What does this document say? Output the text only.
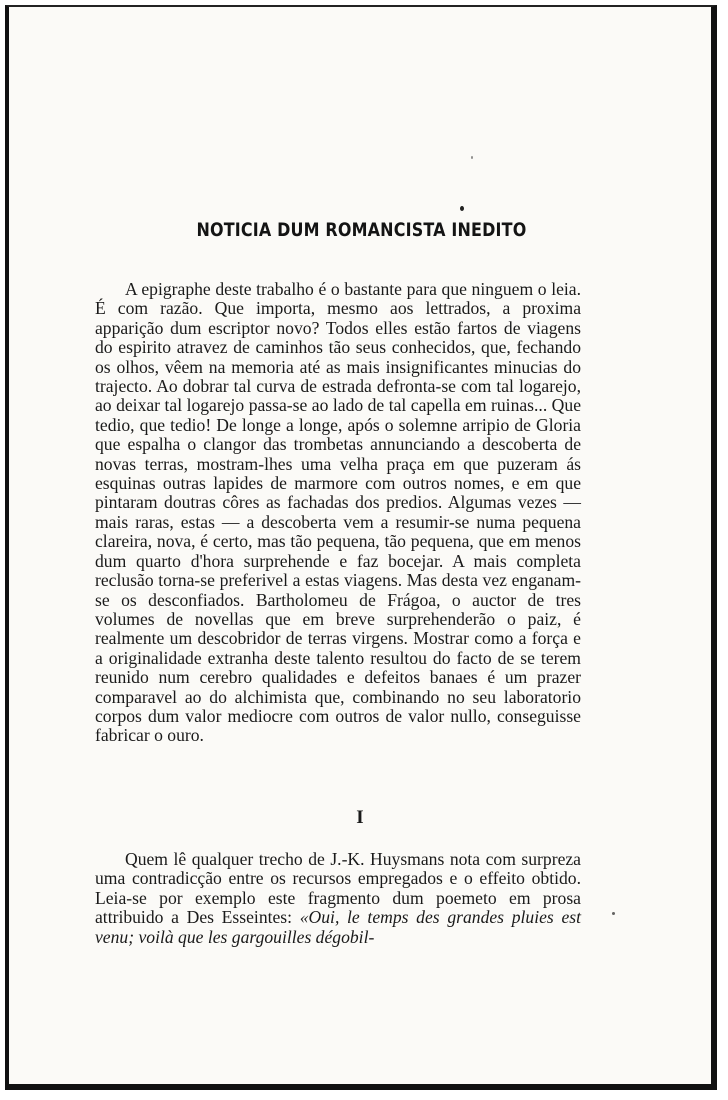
NOTICIA DUM ROMANCISTA INEDITO

A epigraphe deste trabalho é o bastante para que ninguem o leia. É com razão. Que importa, mesmo aos lettrados, a proxima apparição dum escriptor novo? Todos elles estão fartos de viagens do espirito atravez de caminhos tão seus conhecidos, que, fechando os olhos, vêem na memoria até as mais insignificantes minucias do trajecto. Ao dobrar tal curva de estrada defronta-se com tal logarejo, ao deixar tal logarejo passa-se ao lado de tal capella em ruinas... Que tedio, que tedio! De longe a longe, após o solemne arripio de Gloria que espalha o clangor das trombetas annunciando a descoberta de novas terras, mostram-lhes uma velha praça em que puzeram ás esquinas outras lapides de marmore com outros nomes, e em que pintaram doutras côres as fachadas dos predios. Algumas vezes — mais raras, estas — a descoberta vem a resumir-se numa pequena clareira, nova, é certo, mas tão pequena, tão pequena, que em menos dum quarto d'hora surprehende e faz bocejar. A mais completa reclusão torna-se preferivel a estas viagens. Mas desta vez enganam-se os desconfiados. Bartholomeu de Frágoa, o auctor de tres volumes de novellas que em breve surprehenderão o paiz, é realmente um descobridor de terras virgens. Mostrar como a força e a originalidade extranha deste talento resultou do facto de se terem reunido num cerebro qualidades e defeitos banaes é um prazer comparavel ao do alchimista que, combinando no seu laboratorio corpos dum valor mediocre com outros de valor nullo, conseguisse fabricar o ouro.

I

Quem lê qualquer trecho de J.-K. Huysmans nota com surpreza uma contradicção entre os recursos empregados e o effeito obtido. Leia-se por exemplo este fragmento dum poemeto em prosa attribuido a Des Esseintes: «Oui, le temps des grandes pluies est venu; voilà que les gargouilles dégobil-
